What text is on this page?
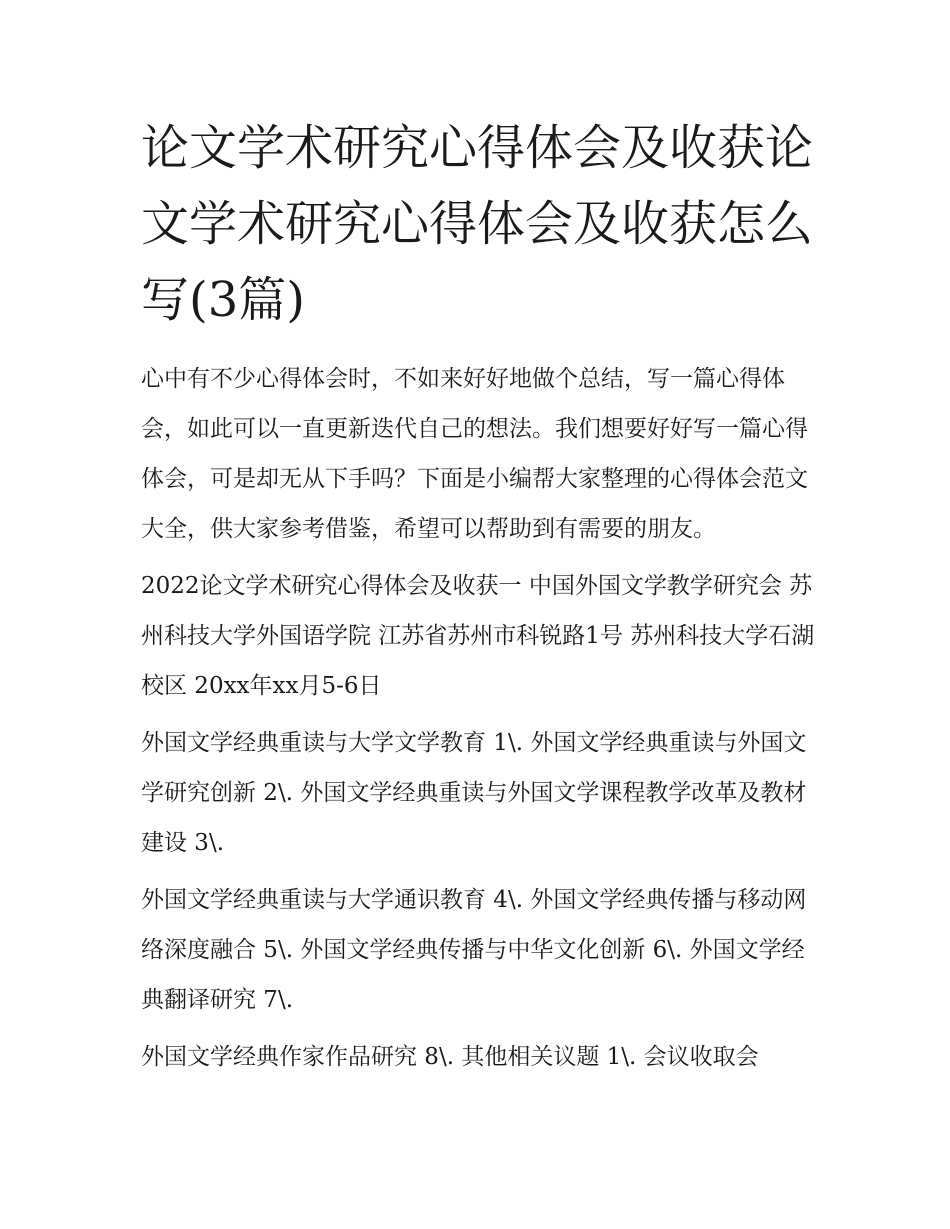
论文学术研究心得体会及收获论文学术研究心得体会及收获怎么写(3篇)

心中有不少心得体会时，不如来好好地做个总结，写一篇心得体会，如此可以一直更新迭代自己的想法。我们想要好好写一篇心得体会，可是却无从下手吗？下面是小编帮大家整理的心得体会范文大全，供大家参考借鉴，希望可以帮助到有需要的朋友。

2022论文学术研究心得体会及收获一 中国外国文学教学研究会 苏州科技大学外国语学院 江苏省苏州市科锐路1号 苏州科技大学石湖校区 20xx年xx月5-6日

外国文学经典重读与大学文学教育 1\. 外国文学经典重读与外国文学研究创新 2\. 外国文学经典重读与外国文学课程教学改革及教材建设 3\.

外国文学经典重读与大学通识教育 4\. 外国文学经典传播与移动网络深度融合 5\. 外国文学经典传播与中华文化创新 6\. 外国文学经典翻译研究 7\.

外国文学经典作家作品研究 8\. 其他相关议题 1\. 会议收取会
